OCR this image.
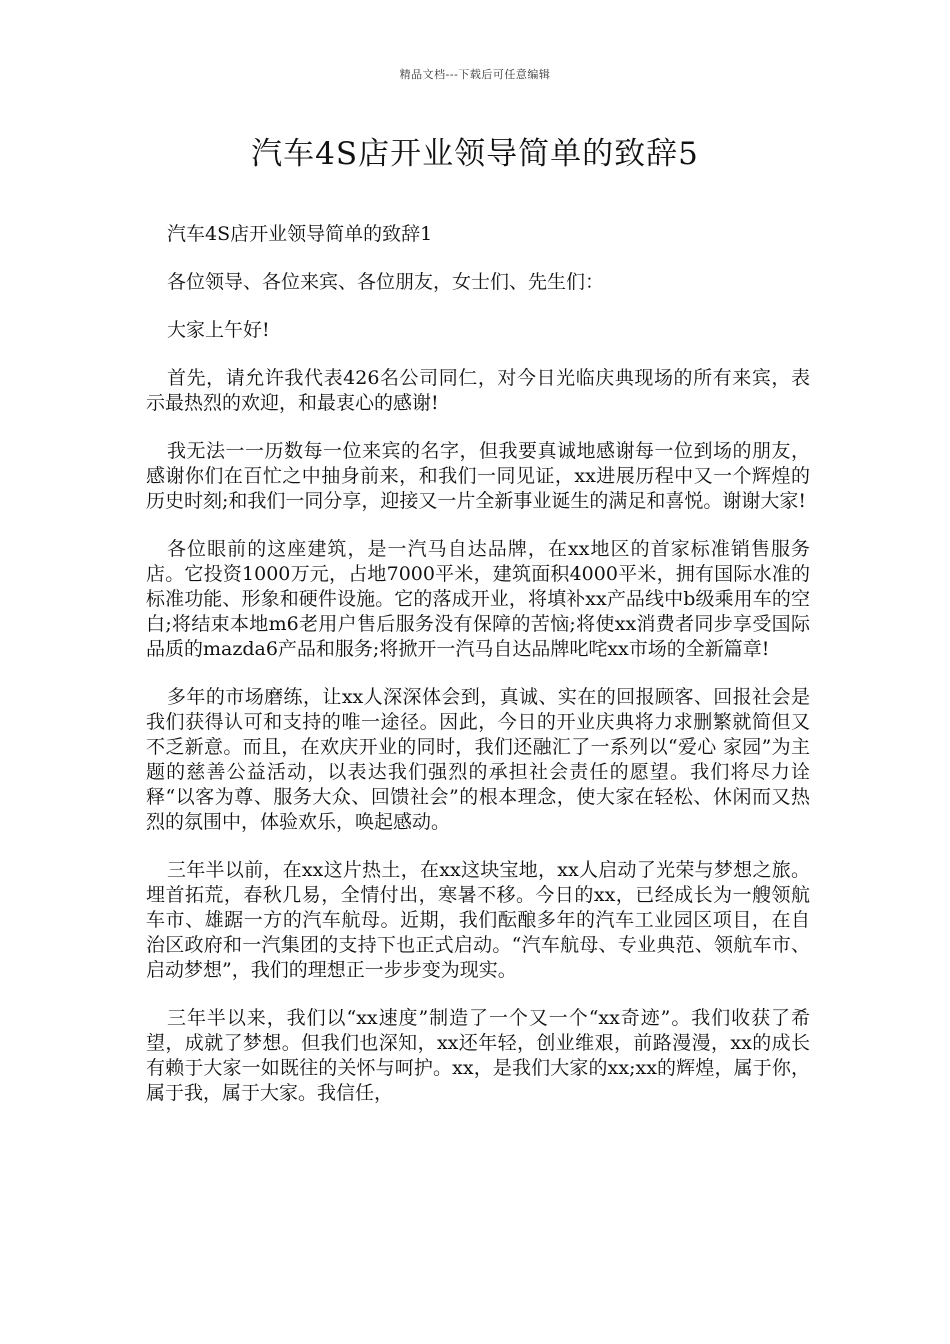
精品文档---下载后可任意编辑
汽车4S店开业领导简单的致辞5

汽车4S店开业领导简单的致辞1

各位领导、各位来宾、各位朋友，女士们、先生们：

大家上午好!

首先，请允许我代表426名公司同仁，对今日光临庆典现场的所有来宾，表示最热烈的欢迎，和最衷心的感谢!

我无法一一历数每一位来宾的名字，但我要真诚地感谢每一位到场的朋友，感谢你们在百忙之中抽身前来，和我们一同见证，xx进展历程中又一个辉煌的历史时刻;和我们一同分享，迎接又一片全新事业诞生的满足和喜悦。谢谢大家!

各位眼前的这座建筑，是一汽马自达品牌，在xx地区的首家标准销售服务店。它投资1000万元，占地7000平米，建筑面积4000平米，拥有国际水准的标准功能、形象和硬件设施。它的落成开业，将填补xx产品线中b级乘用车的空白;将结束本地m6老用户售后服务没有保障的苦恼;将使xx消费者同步享受国际品质的mazda6产品和服务;将掀开一汽马自达品牌叱咤xx市场的全新篇章!

多年的市场磨练，让xx人深深体会到，真诚、实在的回报顾客、回报社会是我们获得认可和支持的唯一途径。因此，今日的开业庆典将力求删繁就简但又不乏新意。而且，在欢庆开业的同时，我们还融汇了一系列以“爱心 家园”为主题的慈善公益活动，以表达我们强烈的承担社会责任的愿望。我们将尽力诠释“以客为尊、服务大众、回馈社会”的根本理念，使大家在轻松、休闲而又热烈的氛围中，体验欢乐，唤起感动。

三年半以前，在xx这片热土，在xx这块宝地，xx人启动了光荣与梦想之旅。埋首拓荒，春秋几易，全情付出，寒暑不移。今日的xx，已经成长为一艘领航车市、雄踞一方的汽车航母。近期，我们酝酿多年的汽车工业园区项目，在自治区政府和一汽集团的支持下也正式启动。“汽车航母、专业典范、领航车市、启动梦想”，我们的理想正一步步变为现实。

三年半以来，我们以“xx速度”制造了一个又一个“xx奇迹”。我们收获了希望，成就了梦想。但我们也深知，xx还年轻，创业维艰，前路漫漫，xx的成长有赖于大家一如既往的关怀与呵护。xx，是我们大家的xx;xx的辉煌，属于你，属于我，属于大家。我信任，
